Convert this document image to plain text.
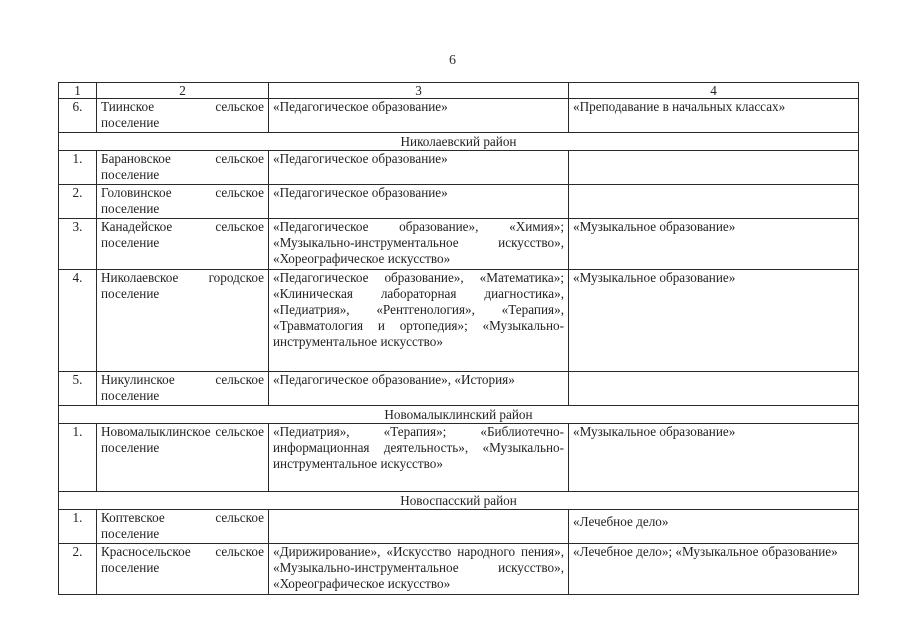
6
1	2	3	4
6.	Тиинское сельское поселение	«Педагогическое образование»	«Преподавание в начальных классах»
Николаевский район			
1.	Барановское сельское поселение	«Педагогическое образование»	
2.	Головинское сельское поселение	«Педагогическое образование»	
3.	Канадейское сельское поселение	«Педагогическое образование», «Химия»; «Музыкально-инструментальное искусство», «Хореографическое искусство»	«Музыкальное образование»
4.	Николаевское городское поселение	«Педагогическое образование», «Математика»; «Клиническая лабораторная диагностика», «Педиатрия», «Рентгенология», «Терапия», «Травматология и ортопедия»; «Музыкально-инструментальное искусство»	«Музыкальное образование»
5.	Никулинское сельское поселение	«Педагогическое образование», «История»	
Новомалыклинский район			
1.	Новомалыклинское сельское поселение	«Педиатрия», «Терапия»; «Библиотечно-информационная деятельность», «Музыкально-инструментальное искусство»	«Музыкальное образование»
Новоспасский район			
1.	Коптевское сельское поселение		«Лечебное дело»
2.	Красносельское сельское поселение	«Дирижирование», «Искусство народного пения», «Музыкально-инструментальное искусство», «Хореографическое искусство»	«Лечебное дело»; «Музыкальное образование»
